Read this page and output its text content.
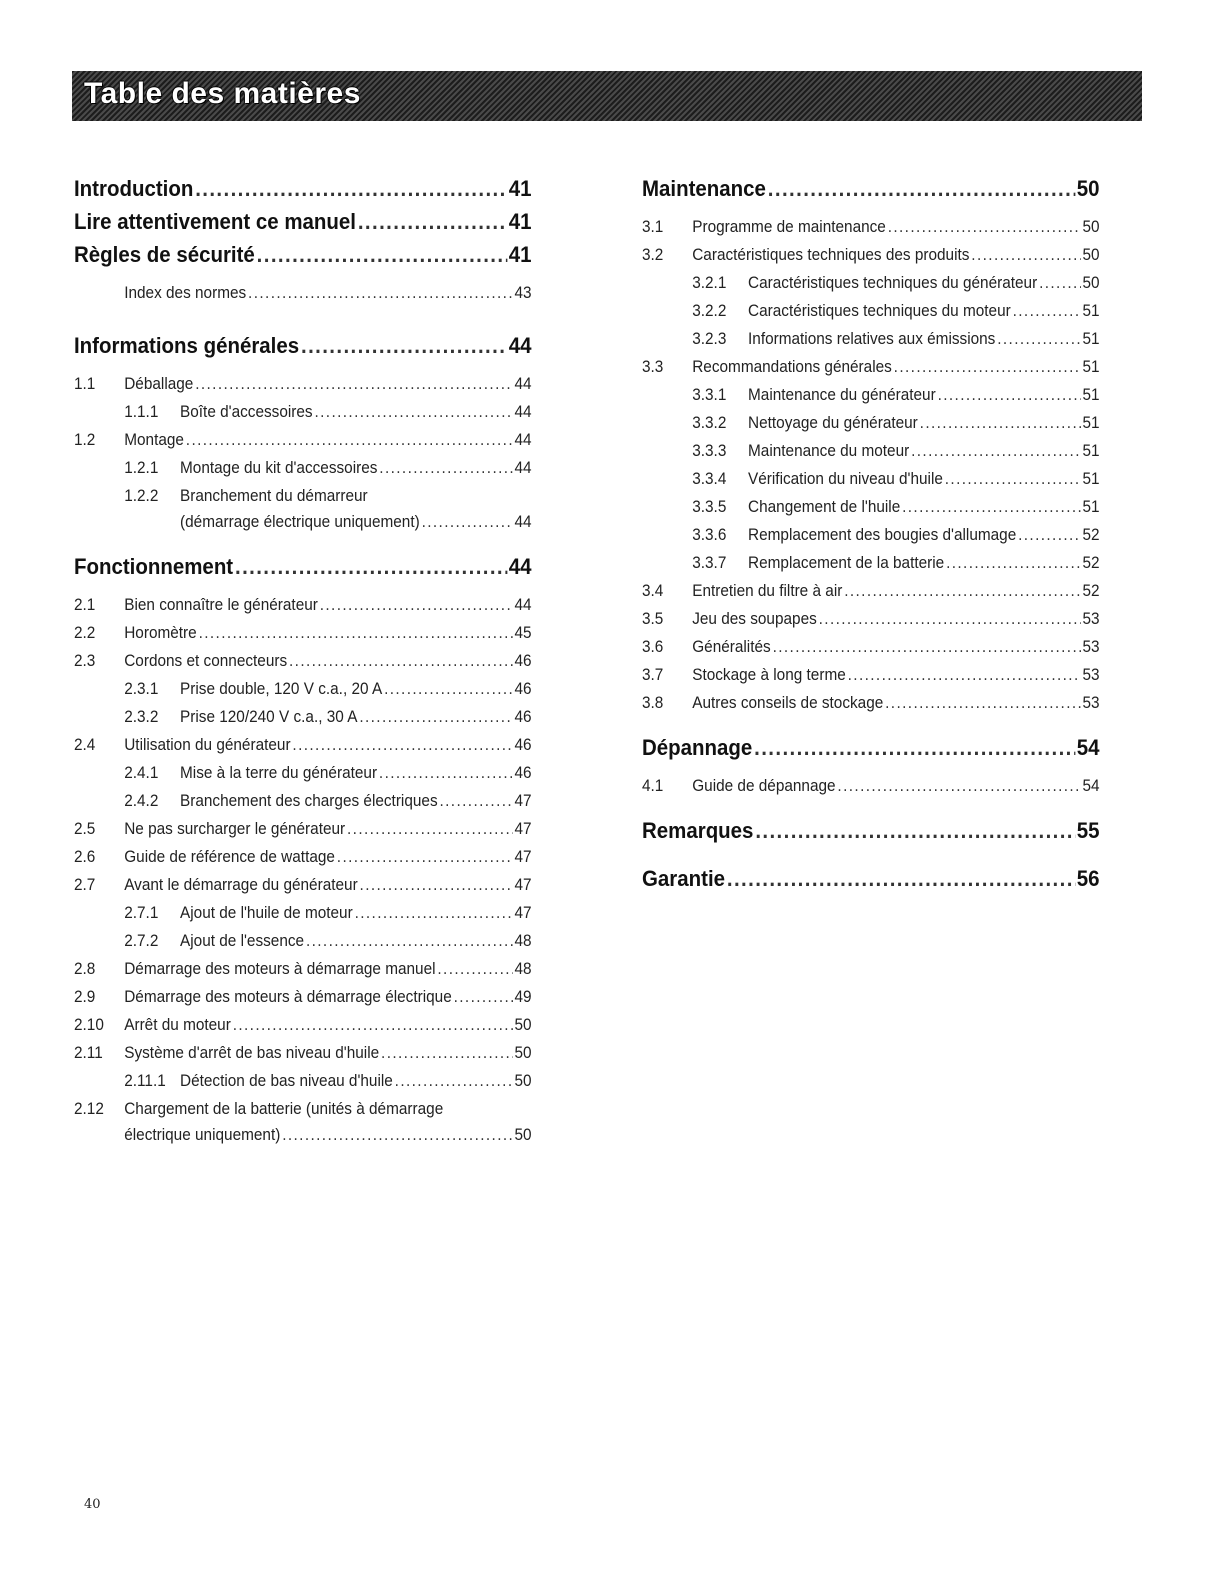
Table des matières
Introduction .....	41
Lire attentivement ce manuel .....	41
Règles de sécurité .....	41
Index des normes .....	43
Informations générales .....	44
1.1	Déballage .....	44
1.1.1	Boîte d'accessoires .....	44
1.2	Montage .....	44
1.2.1	Montage du kit d'accessoires .....	44
1.2.2	Branchement du démarreur
(démarrage électrique uniquement) .....	44
Fonctionnement .....	44
2.1	Bien connaître le générateur .....	44
2.2	Horomètre .....	45
2.3	Cordons et connecteurs .....	46
2.3.1	Prise double, 120 V c.a., 20 A .....	46
2.3.2	Prise 120/240 V c.a., 30 A .....	46
2.4	Utilisation du générateur .....	46
2.4.1	Mise à la terre du générateur .....	46
2.4.2	Branchement des charges électriques .....	47
2.5	Ne pas surcharger le générateur .....	47
2.6	Guide de référence de wattage .....	47
2.7	Avant le démarrage du générateur .....	47
2.7.1	Ajout de l'huile de moteur .....	47
2.7.2	Ajout de l'essence .....	48
2.8	Démarrage des moteurs à démarrage manuel .....	48
2.9	Démarrage des moteurs à démarrage électrique .....	49
2.10	Arrêt du moteur .....	50
2.11	Système d'arrêt de bas niveau d'huile .....	50
2.11.1 Détection de bas niveau d'huile .....	50
2.12	Chargement de la batterie (unités à démarrage
électrique uniquement) .....	50
Maintenance .....	50
3.1	Programme de maintenance .....	50
3.2	Caractéristiques techniques des produits .....	50
3.2.1	Caractéristiques techniques du générateur .....	50
3.2.2	Caractéristiques techniques du moteur .....	51
3.2.3	Informations relatives aux émissions .....	51
3.3	Recommandations générales .....	51
3.3.1	Maintenance du générateur .....	51
3.3.2	Nettoyage du générateur .....	51
3.3.3	Maintenance du moteur .....	51
3.3.4	Vérification du niveau d'huile .....	51
3.3.5	Changement de l'huile .....	51
3.3.6	Remplacement des bougies d'allumage .....	52
3.3.7	Remplacement de la batterie .....	52
3.4	Entretien du filtre à air .....	52
3.5	Jeu des soupapes .....	53
3.6	Généralités .....	53
3.7	Stockage à long terme .....	53
3.8	Autres conseils de stockage .....	53
Dépannage .....	54
4.1	Guide de dépannage .....	54
Remarques .....	55
Garantie .....	56

40
